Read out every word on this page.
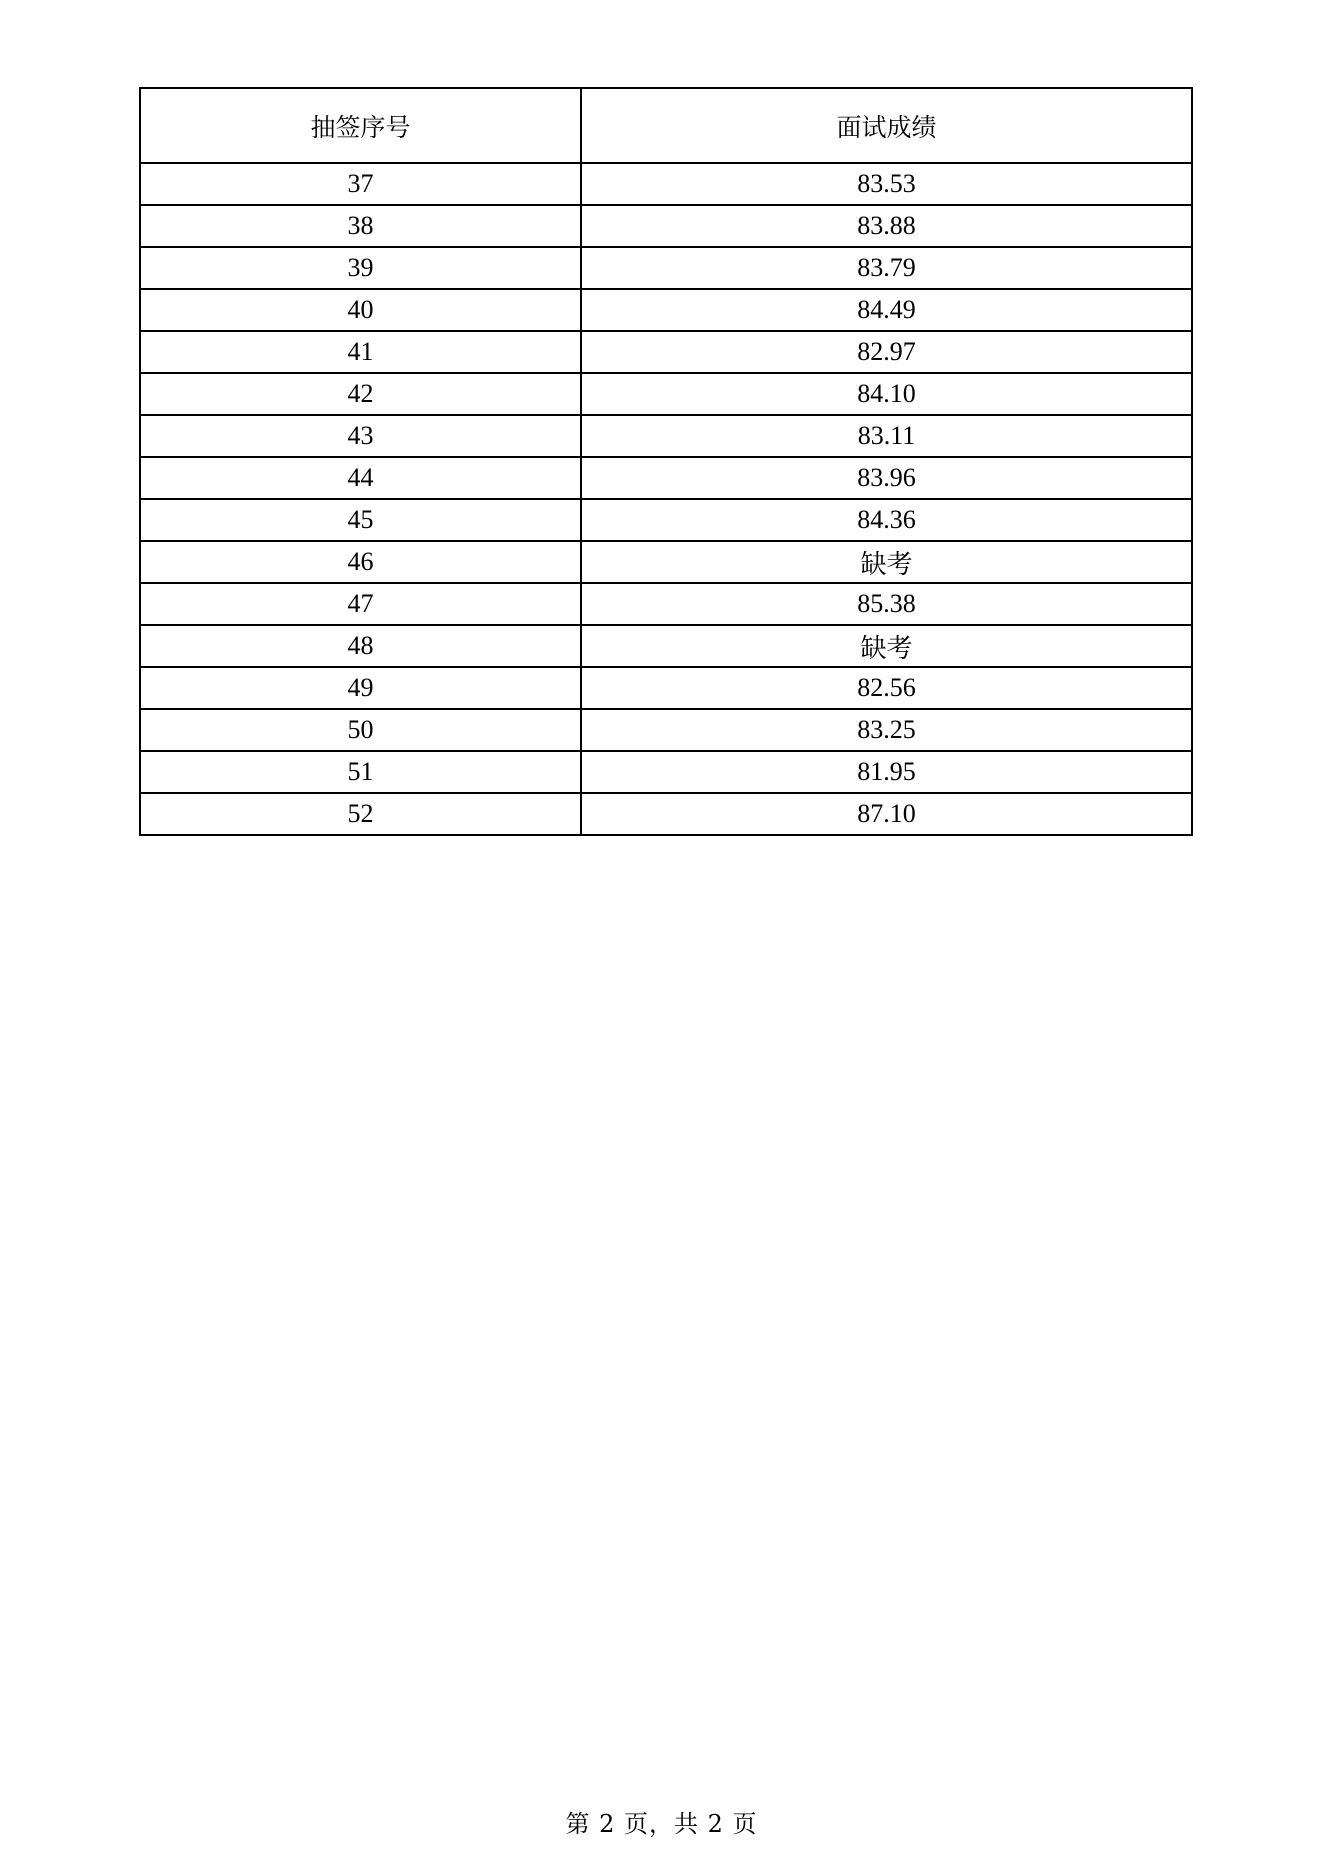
抽签序号	面试成绩
37	83.53
38	83.88
39	83.79
40	84.49
41	82.97
42	84.10
43	83.11
44	83.96
45	84.36
46	缺考
47	85.38
48	缺考
49	82.56
50	83.25
51	81.95
52	87.10
第 2 页，共 2 页
